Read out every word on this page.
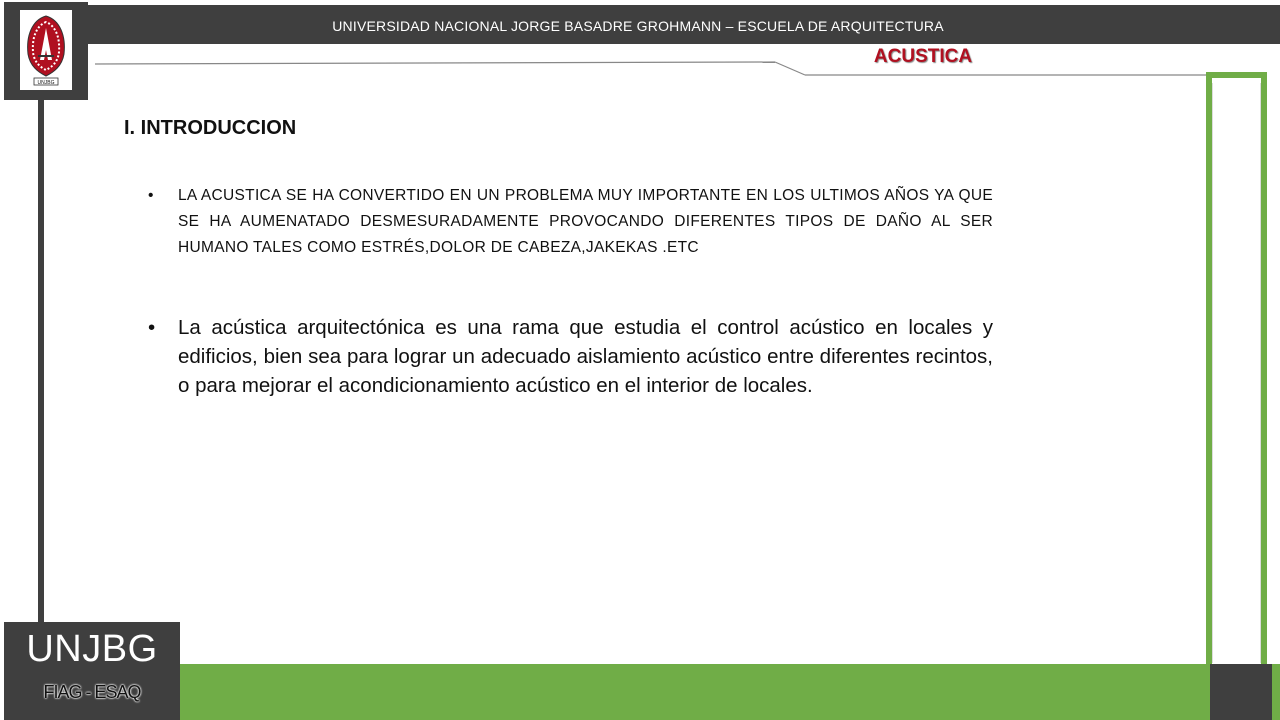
UNIVERSIDAD NACIONAL JORGE BASADRE GROHMANN – ESCUELA DE ARQUITECTURA
UNJBG
ACUSTICA
I. INTRODUCCION
• LA ACUSTICA SE HA CONVERTIDO EN UN PROBLEMA MUY IMPORTANTE EN LOS ULTIMOS AÑOS YA QUE SE HA AUMENATADO DESMESURADAMENTE PROVOCANDO DIFERENTES TIPOS DE DAÑO AL SER HUMANO TALES COMO ESTRÉS,DOLOR DE CABEZA,JAKEKAS .ETC
• La acústica arquitectónica es una rama que estudia el control acústico en locales y edificios, bien sea para lograr un adecuado aislamiento acústico entre diferentes recintos, o para mejorar el acondicionamiento acústico en el interior de locales.
UNJBG
FIAG - ESAQ
